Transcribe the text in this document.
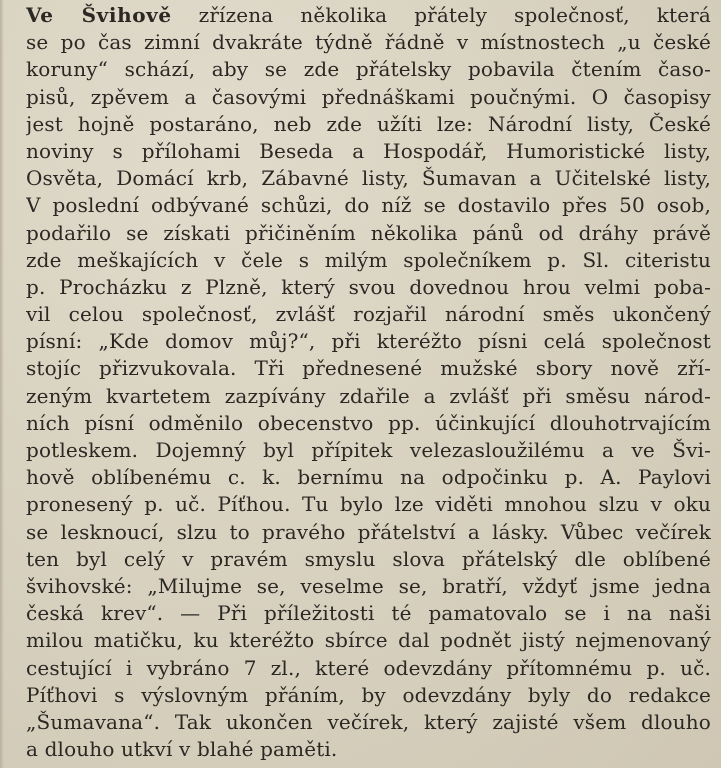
Ve Švihově zřízena několika přátely společnosť, která
se po čas zimní dvakráte týdně řádně v místnostech „u české
koruny“ schází, aby se zde přátelsky pobavila čtením časo-
pisů, zpěvem a časovými přednáškami poučnými. O časopisy
jest hojně postaráno, neb zde užíti lze: Národní listy, České
noviny s přílohami Beseda a Hospodář, Humoristické listy,
Osvěta, Domácí krb, Zábavné listy, Šumavan a Učitelské listy,
V poslední odbývané schůzi, do níž se dostavilo přes 50 osob,
podařilo se získati přičiněním několika pánů od dráhy právě
zde meškajících v čele s milým společníkem p. Sl. citeristu
p. Procházku z Plzně, který svou dovednou hrou velmi poba-
vil celou společnosť, zvlášť rozjařil národní směs ukončený
písní: „Kde domov můj?“, při kteréžto písni celá společnost
stojíc přizvukovala. Tři přednesené mužské sbory nově zří-
zeným kvartetem zazpívány zdařile a zvlášť při směsu národ-
ních písní odměnilo obecenstvo pp. účinkující dlouhotrvajícím
potleskem. Dojemný byl přípitek velezasloužilému a ve Švi-
hově oblíbenému c. k. bernímu na odpočinku p. A. Paylovi
pronesený p. uč. Píťhou. Tu bylo lze viděti mnohou slzu v oku
se lesknoucí, slzu to pravého přátelství a lásky. Vůbec večírek
ten byl celý v pravém smyslu slova přátelský dle oblíbené
švihovské: „Milujme se, veselme se, bratří, vždyť jsme jedna
česká krev“. — Při příležitosti té pamatovalo se i na naši
milou matičku, ku kteréžto sbírce dal podnět jistý nejmenovaný
cestující i vybráno 7 zl., které odevzdány přítomnému p. uč.
Píťhovi s výslovným přáním, by odevzdány byly do redakce
„Šumavana“. Tak ukončen večírek, který zajisté všem dlouho
a dlouho utkví v blahé paměti.
